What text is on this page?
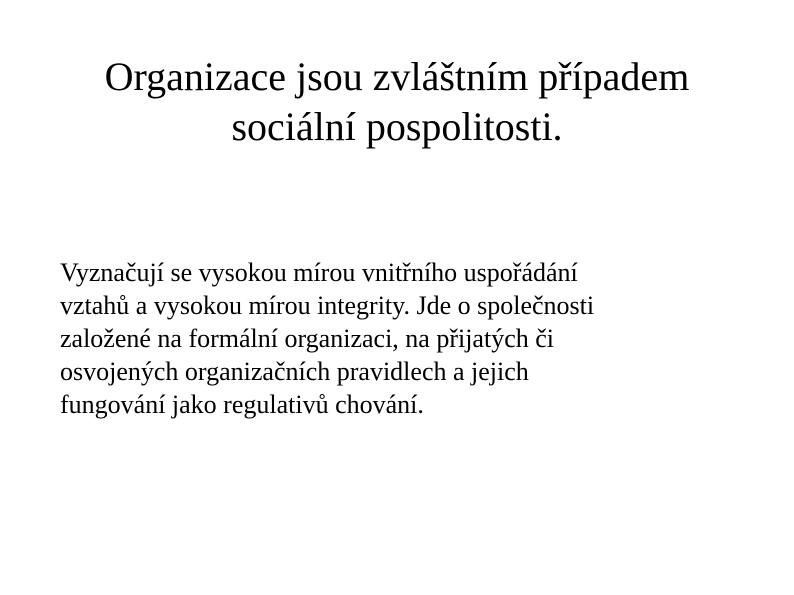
Organizace jsou zvláštním případem
sociální pospolitosti.

Vyznačují se vysokou mírou vnitřního uspořádání
vztahů a vysokou mírou integrity. Jde o společnosti
založené na formální organizaci, na přijatých či
osvojených organizačních pravidlech a jejich
fungování jako regulativů chování.
